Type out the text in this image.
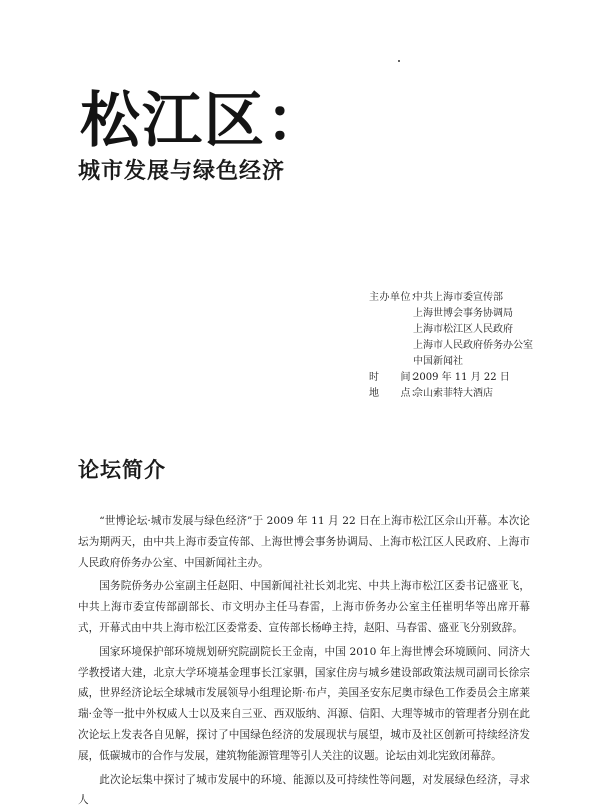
松江区：
城市发展与绿色经济
主办单位：
中共上海市委宣传部
上海世博会事务协调局
上海市松江区人民政府
上海市人民政府侨务办公室
中国新闻社
时　　间：
2009 年 11 月 22 日
地　　点：
佘山索菲特大酒店
论坛简介

“世博论坛·城市发展与绿色经济”于 2009 年 11 月 22 日在上海市松江区佘山开幕。本次论坛为期两天，由中共上海市委宣传部、上海世博会事务协调局、上海市松江区人民政府、上海市人民政府侨务办公室、中国新闻社主办。

国务院侨务办公室副主任赵阳、中国新闻社社长刘北宪、中共上海市松江区委书记盛亚飞，中共上海市委宣传部副部长、市文明办主任马春雷，上海市侨务办公室主任崔明华等出席开幕式，开幕式由中共上海市松江区委常委、宣传部长杨峥主持，赵阳、马春雷、盛亚飞分别致辞。

国家环境保护部环境规划研究院副院长王金南，中国 2010 年上海世博会环境顾问、同济大学教授诸大建，北京大学环境基金理事长江家驷，国家住房与城乡建设部政策法规司副司长徐宗威，世界经济论坛全球城市发展领导小组理论斯·布卢，美国圣安东尼奥市绿色工作委员会主席莱瑞·金等一批中外权威人士以及来自三亚、西双版纳、洱源、信阳、大理等城市的管理者分别在此次论坛上发表各自见解，探讨了中国绿色经济的发展现状与展望，城市及社区创新可持续经济发展，低碳城市的合作与发展，建筑物能源管理等引人关注的议题。论坛由刘北宪致闭幕辞。

此次论坛集中探讨了城市发展中的环境、能源以及可持续性等问题，对发展绿色经济，寻求人
